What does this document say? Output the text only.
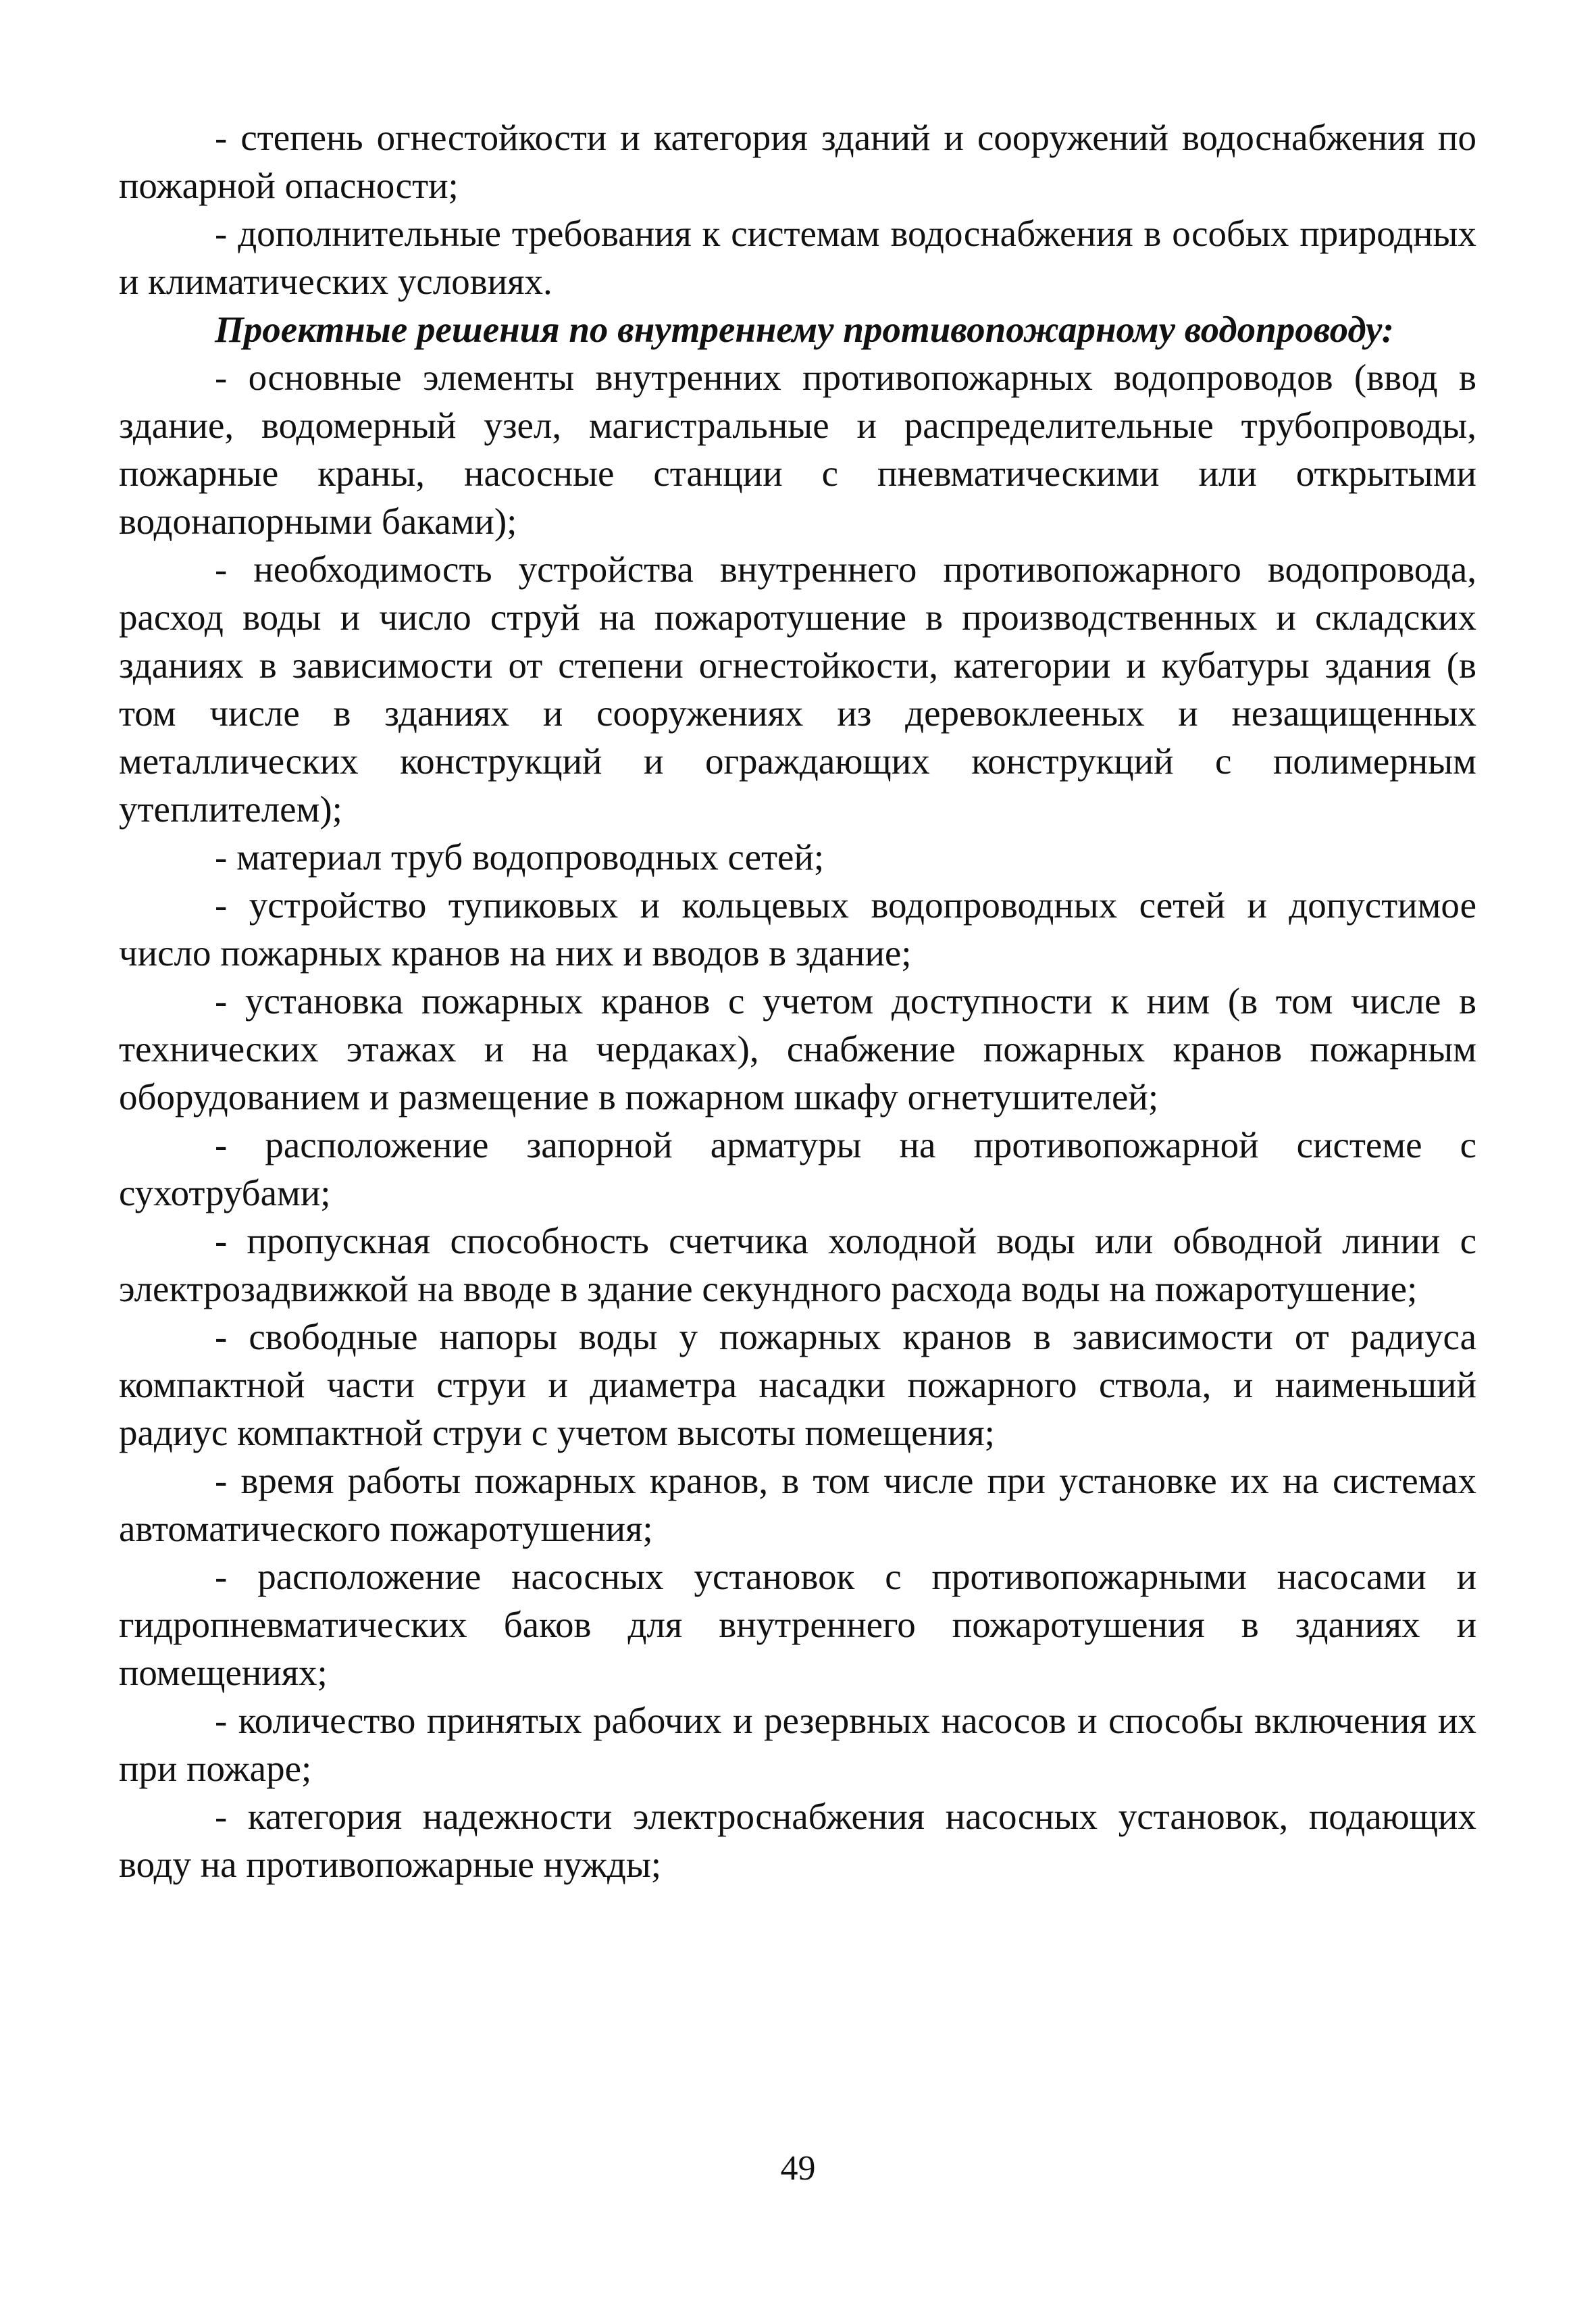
- степень огнестойкости и категория зданий и сооружений водоснабжения по пожарной опасности;

- дополнительные требования к системам водоснабжения в особых природных и климатических условиях.

Проектные решения по внутреннему противопожарному водопроводу:

- основные элементы внутренних противопожарных водопроводов (ввод в здание, водомерный узел, магистральные и распределительные трубопроводы, пожарные краны, насосные станции с пневматическими или открытыми водонапорными баками);

- необходимость устройства внутреннего противопожарного водопровода, расход воды и число струй на пожаротушение в производственных и складских зданиях в зависимости от степени огнестойкости, категории и кубатуры здания (в том числе в зданиях и сооружениях из деревоклееных и незащищенных металлических конструкций и ограждающих конструкций с полимерным утеплителем);

- материал труб водопроводных сетей;

- устройство тупиковых и кольцевых водопроводных сетей и допустимое число пожарных кранов на них и вводов в здание;

- установка пожарных кранов с учетом доступности к ним (в том числе в технических этажах и на чердаках), снабжение пожарных кранов пожарным оборудованием и размещение в пожарном шкафу огнетушителей;

- расположение запорной арматуры на противопожарной системе с сухотрубами;

- пропускная способность счетчика холодной воды или обводной линии с электрозадвижкой на вводе в здание секундного расхода воды на пожаротушение;

- свободные напоры воды у пожарных кранов в зависимости от радиуса компактной части струи и диаметра насадки пожарного ствола, и наименьший радиус компактной струи с учетом высоты помещения;

- время работы пожарных кранов, в том числе при установке их на системах автоматического пожаротушения;

- расположение насосных установок с противопожарными насосами и гидропневматических баков для внутреннего пожаротушения в зданиях и помещениях;

- количество принятых рабочих и резервных насосов и способы включения их при пожаре;

- категория надежности электроснабжения насосных установок, подающих воду на противопожарные нужды;

49
